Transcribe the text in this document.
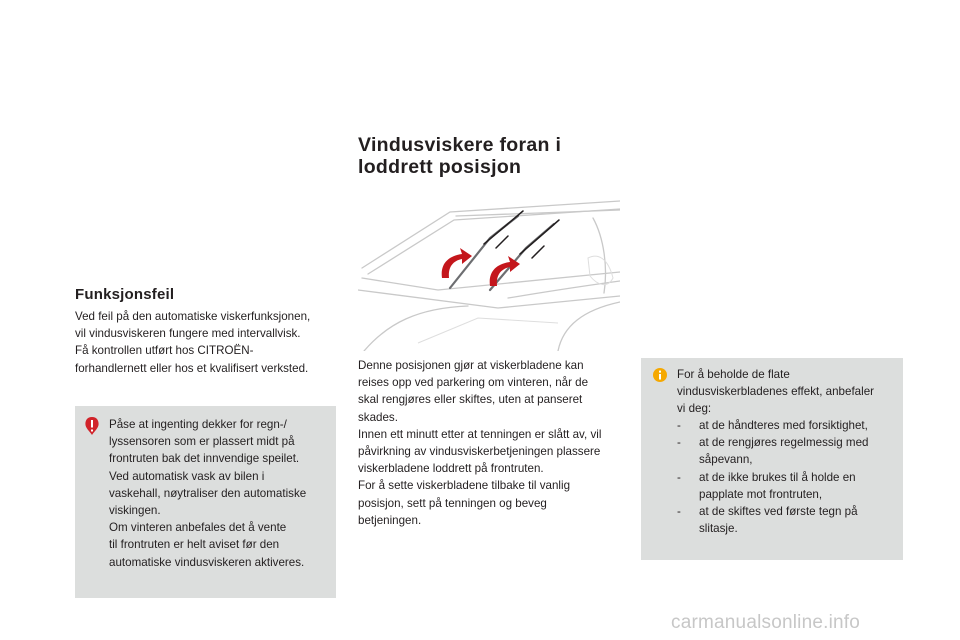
Funksjonsfeil
Ved feil på den automatiske viskerfunksjonen,
vil vindusviskeren fungere med intervallvisk.
Få kontrollen utført hos CITROËN-
forhandlernett eller hos et kvalifisert verksted.
Påse at ingenting dekker for regn-/
lyssensoren som er plassert midt på
frontruten bak det innvendige speilet.
Ved automatisk vask av bilen i
vaskehall, nøytraliser den automatiske
viskingen.
Om vinteren anbefales det å vente
til frontruten er helt aviset før den
automatiske vindusviskeren aktiveres.
Vindusviskere foran i
loddrett posisjon
Denne posisjonen gjør at viskerbladene kan
reises opp ved parkering om vinteren, når de
skal rengjøres eller skiftes, uten at panseret
skades.
Innen ett minutt etter at tenningen er slått av, vil
påvirkning av vindusviskerbetjeningen plassere
viskerbladene loddrett på frontruten.
For å sette viskerbladene tilbake til vanlig
posisjon, sett på tenningen og beveg
betjeningen.
For å beholde de flate
vindusviskerbladenes effekt, anbefaler
vi deg:
- at de håndteres med forsiktighet,
- at de rengjøres regelmessig med
såpevann,
- at de ikke brukes til å holde en
papplate mot frontruten,
- at de skiftes ved første tegn på
slitasje.
carmanualsonline.info
